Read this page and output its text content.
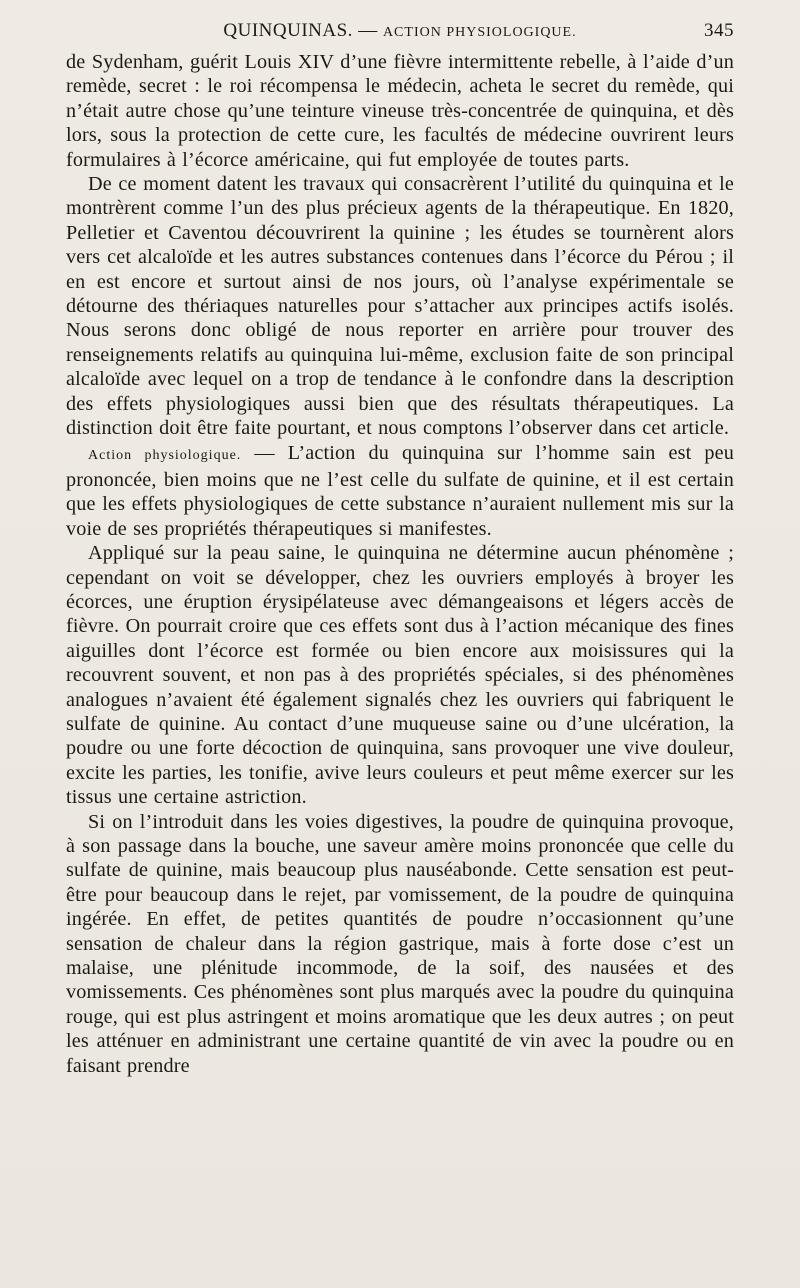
QUINQUINAS. — ACTION PHYSIOLOGIQUE.	345

de Sydenham, guérit Louis XIV d’une fièvre intermittente rebelle, à l’aide d’un remède, secret : le roi récompensa le médecin, acheta le secret du remède, qui n’était autre chose qu’une teinture vineuse très-concentrée de quinquina, et dès lors, sous la protection de cette cure, les facultés de médecine ouvrirent leurs formulaires à l’écorce américaine, qui fut employée de toutes parts.

De ce moment datent les travaux qui consacrèrent l’utilité du quinquina et le montrèrent comme l’un des plus précieux agents de la thérapeutique. En 1820, Pelletier et Caventou découvrirent la quinine ; les études se tournèrent alors vers cet alcaloïde et les autres substances contenues dans l’écorce du Pérou ; il en est encore et surtout ainsi de nos jours, où l’analyse expérimentale se détourne des thériaques naturelles pour s’attacher aux principes actifs isolés. Nous serons donc obligé de nous reporter en arrière pour trouver des renseignements relatifs au quinquina lui-même, exclusion faite de son principal alcaloïde avec lequel on a trop de tendance à le confondre dans la description des effets physiologiques aussi bien que des résultats thérapeutiques. La distinction doit être faite pourtant, et nous comptons l’observer dans cet article.

Action physiologique. — L’action du quinquina sur l’homme sain est peu prononcée, bien moins que ne l’est celle du sulfate de quinine, et il est certain que les effets physiologiques de cette substance n’auraient nullement mis sur la voie de ses propriétés thérapeutiques si manifestes.

Appliqué sur la peau saine, le quinquina ne détermine aucun phénomène ; cependant on voit se développer, chez les ouvriers employés à broyer les écorces, une éruption érysipélateuse avec démangeaisons et légers accès de fièvre. On pourrait croire que ces effets sont dus à l’action mécanique des fines aiguilles dont l’écorce est formée ou bien encore aux moisissures qui la recouvrent souvent, et non pas à des propriétés spéciales, si des phénomènes analogues n’avaient été également signalés chez les ouvriers qui fabriquent le sulfate de quinine. Au contact d’une muqueuse saine ou d’une ulcération, la poudre ou une forte décoction de quinquina, sans provoquer une vive douleur, excite les parties, les tonifie, avive leurs couleurs et peut même exercer sur les tissus une certaine astriction.

Si on l’introduit dans les voies digestives, la poudre de quinquina provoque, à son passage dans la bouche, une saveur amère moins prononcée que celle du sulfate de quinine, mais beaucoup plus nauséabonde. Cette sensation est peut-être pour beaucoup dans le rejet, par vomissement, de la poudre de quinquina ingérée. En effet, de petites quantités de poudre n’occasionnent qu’une sensation de chaleur dans la région gastrique, mais à forte dose c’est un malaise, une plénitude incommode, de la soif, des nausées et des vomissements. Ces phénomènes sont plus marqués avec la poudre du quinquina rouge, qui est plus astringent et moins aromatique que les deux autres ; on peut les atténuer en administrant une certaine quantité de vin avec la poudre ou en faisant prendre
